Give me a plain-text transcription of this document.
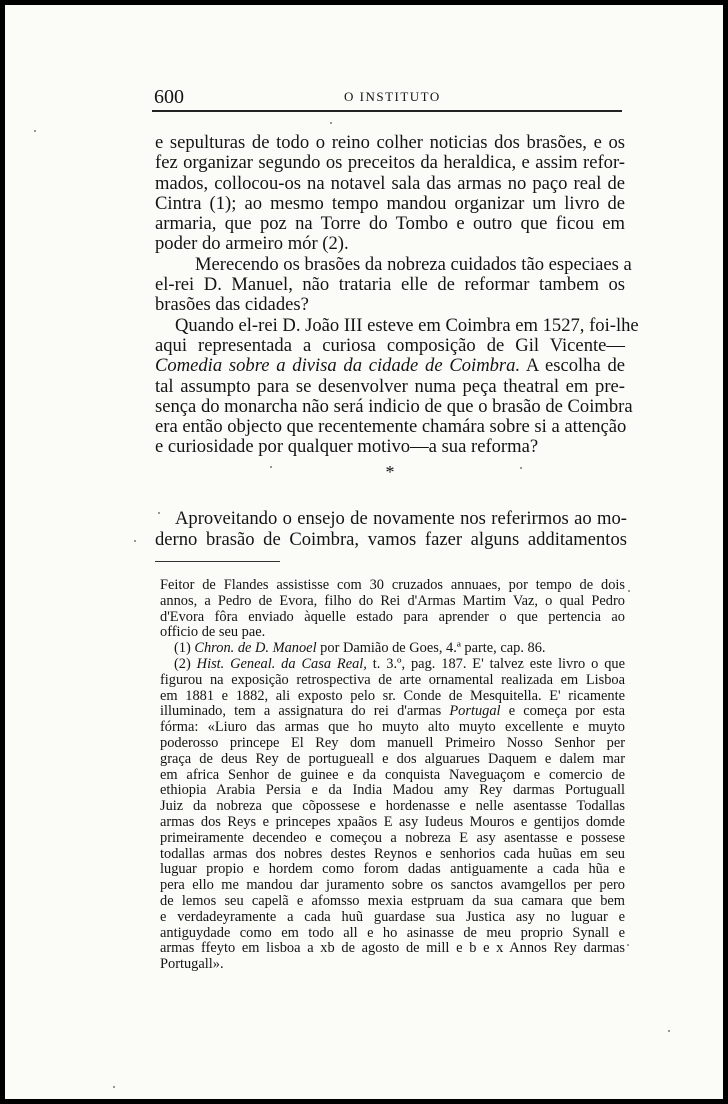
600	O INSTITUTO
e sepulturas de todo o reino colher noticias dos brasões, e os
fez organizar segundo os preceitos da heraldica, e assim refor-
mados, collocou-os na notavel sala das armas no paço real de
Cintra (1); ao mesmo tempo mandou organizar um livro de
armaria, que poz na Torre do Tombo e outro que ficou em
poder do armeiro mór (2).
Merecendo os brasões da nobreza cuidados tão especiaes a
el-rei D. Manuel, não trataria elle de reformar tambem os
brasões das cidades?
Quando el-rei D. João III esteve em Coimbra em 1527, foi-lhe
aqui representada a curiosa composição de Gil Vicente—
Comedia sobre a divisa da cidade de Coimbra. A escolha de
tal assumpto para se desenvolver numa peça theatral em pre-
sença do monarcha não será indicio de que o brasão de Coimbra
era então objecto que recentemente chamára sobre si a attenção
e curiosidade por qualquer motivo—a sua reforma?
*
Aproveitando o ensejo de novamente nos referirmos ao mo-
derno brasão de Coimbra, vamos fazer alguns additamentos
Feitor de Flandes assistisse com 30 cruzados annuaes, por tempo de dois
annos, a Pedro de Evora, filho do Rei d'Armas Martim Vaz, o qual Pedro
d'Evora fôra enviado àquelle estado para aprender o que pertencia ao
officio de seu pae.
(1) Chron. de D. Manoel por Damião de Goes, 4.ª parte, cap. 86.
(2) Hist. Geneal. da Casa Real, t. 3.º, pag. 187. E' talvez este livro o que
figurou na exposição retrospectiva de arte ornamental realizada em Lisboa
em 1881 e 1882, ali exposto pelo sr. Conde de Mesquitella. E' ricamente
illuminado, tem a assignatura do rei d'armas Portugal e começa por esta
fórma: «Liuro das armas que ho muyto alto muyto excellente e muyto
poderosso princepe El Rey dom manuell Primeiro Nosso Senhor per
graça de deus Rey de portugueall e dos alguarues Daquem e dalem mar
em africa Senhor de guinee e da conquista Naveguaçom e comercio de
ethiopia Arabia Persia e da India Madou amy Rey darmas Portuguall
Juiz da nobreza que cõpossese e hordenasse e nelle asentasse Todallas
armas dos Reys e princepes xpaãos E asy Iudeus Mouros e gentijos domde
primeiramente decendeo e começou a nobreza E asy asentasse e possese
todallas armas dos nobres destes Reynos e senhorios cada huũas em seu
luguar propio e hordem como forom dadas antiguamente a cada hũa e
pera ello me mandou dar juramento sobre os sanctos avamgellos per pero
de lemos seu capelã e afomsso mexia estpruam da sua camara que bem
e verdadeyramente a cada huũ guardase sua Justica asy no luguar e
antiguydade como em todo all e ho asinasse de meu proprio Synall e
armas ffeyto em lisboa a xb de agosto de mill e b e x Annos Rey darmas
Portugall».
